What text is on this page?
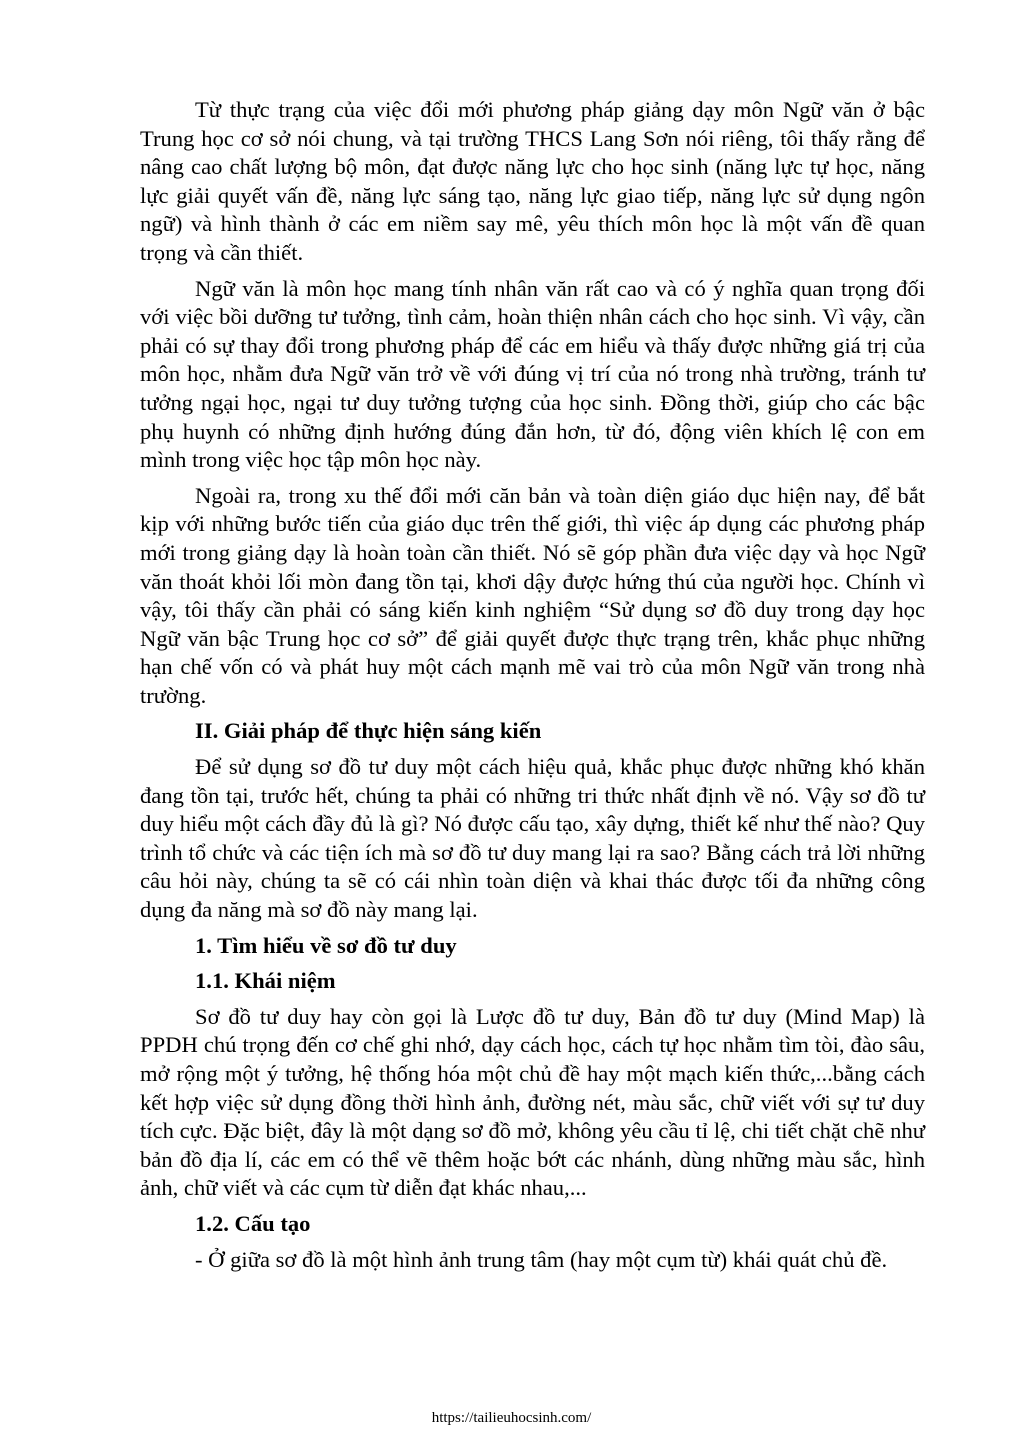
Từ thực trạng của việc đổi mới phương pháp giảng dạy môn Ngữ văn ở bậc Trung học cơ sở nói chung, và tại trường THCS Lang Sơn nói riêng, tôi thấy rằng để nâng cao chất lượng bộ môn, đạt được năng lực cho học sinh (năng lực tự học, năng lực giải quyết vấn đề, năng lực sáng tạo, năng lực giao tiếp, năng lực sử dụng ngôn ngữ) và hình thành ở các em niềm say mê, yêu thích môn học là một vấn đề quan trọng và cần thiết.

Ngữ văn là môn học mang tính nhân văn rất cao và có ý nghĩa quan trọng đối với việc bồi dưỡng tư tưởng, tình cảm, hoàn thiện nhân cách cho học sinh. Vì vậy, cần phải có sự thay đổi trong phương pháp để các em hiểu và thấy được những giá trị của môn học, nhằm đưa Ngữ văn trở về với đúng vị trí của nó trong nhà trường, tránh tư tưởng ngại học, ngại tư duy tưởng tượng của học sinh. Đồng thời, giúp cho các bậc phụ huynh có những định hướng đúng đắn hơn, từ đó, động viên khích lệ con em mình trong việc học tập môn học này.

Ngoài ra, trong xu thế đổi mới căn bản và toàn diện giáo dục hiện nay, để bắt kịp với những bước tiến của giáo dục trên thế giới, thì việc áp dụng các phương pháp mới trong giảng dạy là hoàn toàn cần thiết. Nó sẽ góp phần đưa việc dạy và học Ngữ văn thoát khỏi lối mòn đang tồn tại, khơi dậy được hứng thú của người học. Chính vì vậy, tôi thấy cần phải có sáng kiến kinh nghiệm “Sử dụng sơ đồ duy trong dạy học Ngữ văn bậc Trung học cơ sở” để giải quyết được thực trạng trên, khắc phục những hạn chế vốn có và phát huy một cách mạnh mẽ vai trò của môn Ngữ văn trong nhà trường.

II. Giải pháp để thực hiện sáng kiến

Để sử dụng sơ đồ tư duy một cách hiệu quả, khắc phục được những khó khăn đang tồn tại, trước hết, chúng ta phải có những tri thức nhất định về nó. Vậy sơ đồ tư duy hiểu một cách đầy đủ là gì? Nó được cấu tạo, xây dựng, thiết kế như thế nào? Quy trình tổ chức và các tiện ích mà sơ đồ tư duy mang lại ra sao? Bằng cách trả lời những câu hỏi này, chúng ta sẽ có cái nhìn toàn diện và khai thác được tối đa những công dụng đa năng mà sơ đồ này mang lại.

1. Tìm hiểu về sơ đồ tư duy

1.1. Khái niệm

Sơ đồ tư duy hay còn gọi là Lược đồ tư duy, Bản đồ tư duy (Mind Map) là PPDH chú trọng đến cơ chế ghi nhớ, dạy cách học, cách tự học nhằm tìm tòi, đào sâu, mở rộng một ý tưởng, hệ thống hóa một chủ đề hay một mạch kiến thức,...bằng cách kết hợp việc sử dụng đồng thời hình ảnh, đường nét, màu sắc, chữ viết với sự tư duy tích cực. Đặc biệt, đây là một dạng sơ đồ mở, không yêu cầu tỉ lệ, chi tiết chặt chẽ như bản đồ địa lí, các em có thể vẽ thêm hoặc bớt các nhánh, dùng những màu sắc, hình ảnh, chữ viết và các cụm từ diễn đạt khác nhau,...

1.2. Cấu tạo

- Ở giữa sơ đồ là một hình ảnh trung tâm (hay một cụm từ) khái quát chủ đề.

https://tailieuhocsinh.com/
